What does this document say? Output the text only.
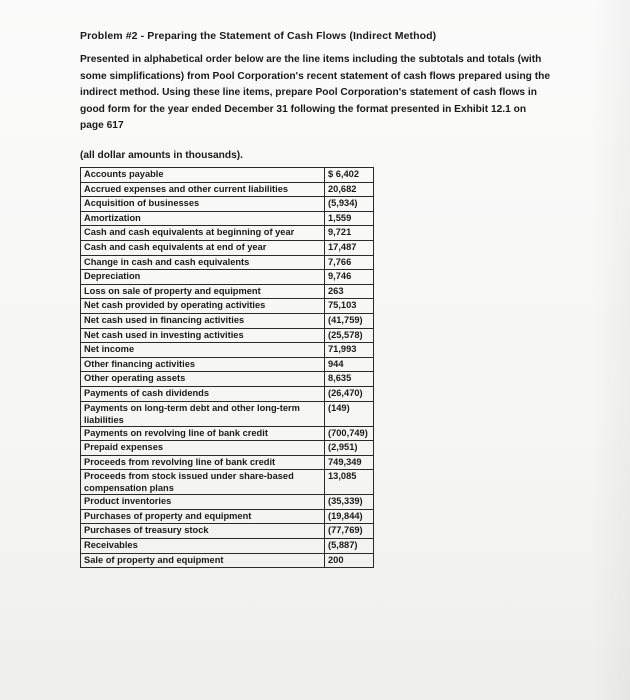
Problem #2 - Preparing the Statement of Cash Flows (Indirect Method)
Presented in alphabetical order below are the line items including the subtotals and totals (with some simplifications) from Pool Corporation's recent statement of cash flows prepared using the indirect method. Using these line items, prepare Pool Corporation's statement of cash flows in good form for the year ended December 31 following the format presented in Exhibit 12.1 on page 617
(all dollar amounts in thousands).
Accounts payable	$ 6,402	
Accrued expenses and other current liabilities	20,682	
Acquisition of businesses	(5,934)	
Amortization	1,559	
Cash and cash equivalents at beginning of year	9,721	
Cash and cash equivalents at end of year	17,487	
Change in cash and cash equivalents	7,766	
Depreciation	9,746	
Loss on sale of property and equipment	263	
Net cash provided by operating activities	75,103	
Net cash used in financing activities	(41,759)	
Net cash used in investing activities	(25,578)	
Net income	71,993	
Other financing activities	944	
Other operating assets	8,635	
Payments of cash dividends	(26,470)	
Payments on long-term debt and other long-term liabilities	(149)	
Payments on revolving line of bank credit	(700,749)	
Prepaid expenses	(2,951)	
Proceeds from revolving line of bank credit	749,349	
Proceeds from stock issued under share-based compensation plans	13,085	
Product inventories	(35,339)	
Purchases of property and equipment	(19,844)	
Purchases of treasury stock	(77,769)	
Receivables	(5,887)	
Sale of property and equipment	200	
